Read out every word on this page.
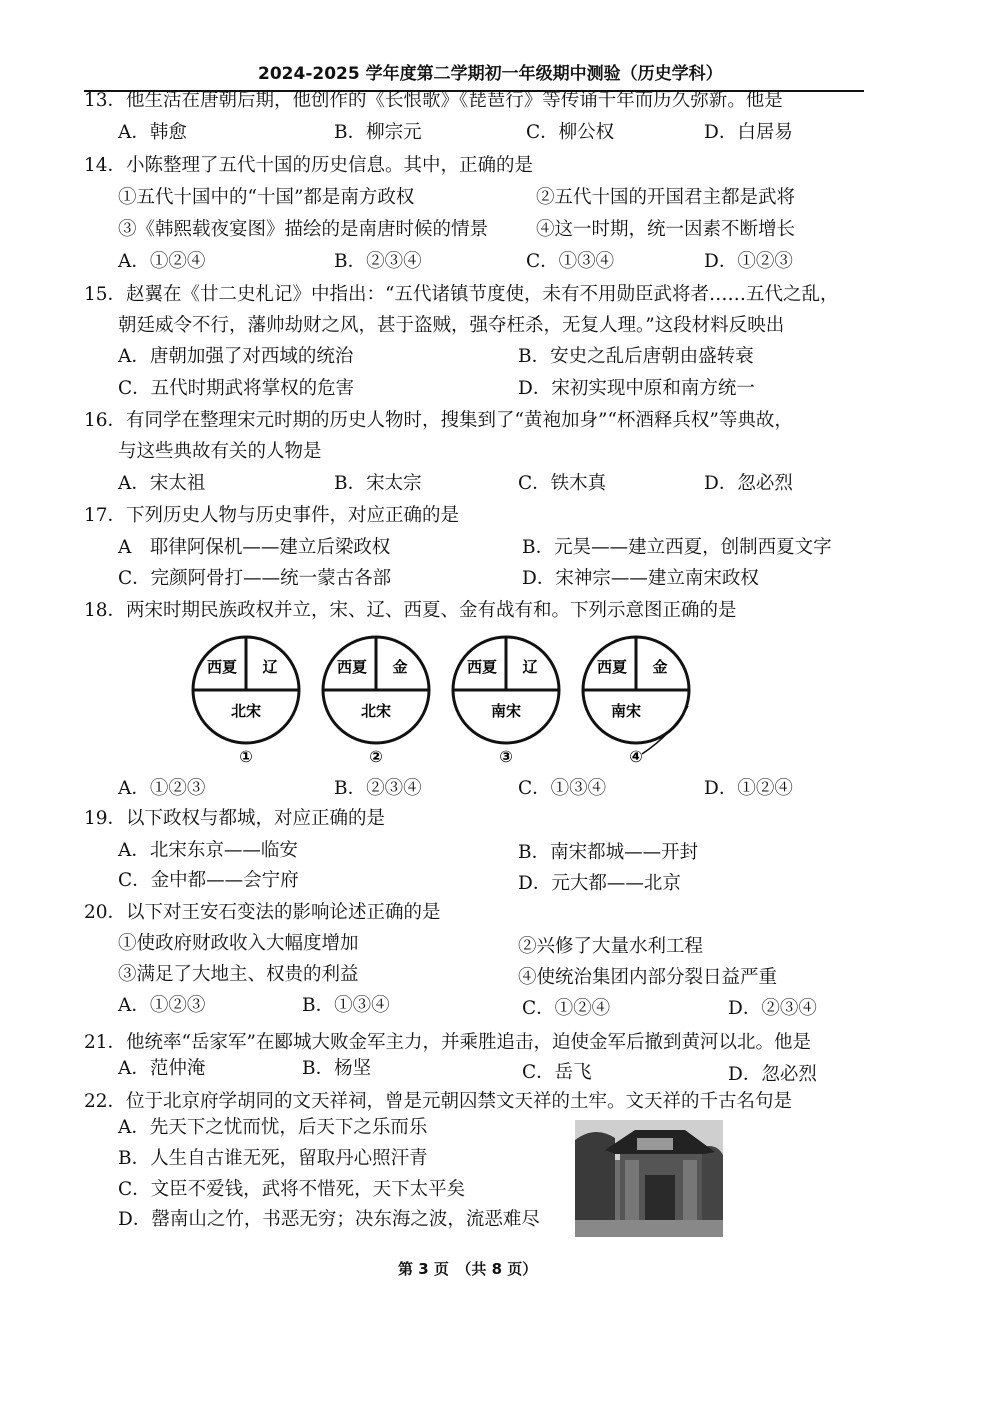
2024-2025 学年度第二学期初一年级期中测验（历史学科）
13．他生活在唐朝后期，他创作的《长恨歌》《琵琶行》等传诵千年而历久弥新。他是
A．韩愈	B．柳宗元	C．柳公权	D．白居易
14．小陈整理了五代十国的历史信息。其中，正确的是
①五代十国中的“十国”都是南方政权	②五代十国的开国君主都是武将
③《韩熙载夜宴图》描绘的是南唐时候的情景	④这一时期，统一因素不断增长
A．①②④	B．②③④	C．①③④	D．①②③
15．赵翼在《廿二史札记》中指出：“五代诸镇节度使，未有不用勋臣武将者……五代之乱，
朝廷威令不行，藩帅劫财之风，甚于盗贼，强夺枉杀，无复人理。”这段材料反映出
A．唐朝加强了对西域的统治	B．安史之乱后唐朝由盛转衰
C．五代时期武将掌权的危害	D．宋初实现中原和南方统一
16．有同学在整理宋元时期的历史人物时，搜集到了“黄袍加身”“杯酒释兵权”等典故，
与这些典故有关的人物是
A．宋太祖	B．宋太宗	C．铁木真	D．忽必烈
17．下列历史人物与历史事件，对应正确的是
A　耶律阿保机——建立后梁政权	B．元昊——建立西夏，创制西夏文字
C．完颜阿骨打——统一蒙古各部	D．宋神宗——建立南宋政权
18．两宋时期民族政权并立，宋、辽、西夏、金有战有和。下列示意图正确的是
西夏 辽
北宋
①
西夏 金
北宋
②
西夏 辽
南宋
③
西夏 金
南宋
④
A．①②③	B．②③④	C．①③④	D．①②④
19．以下政权与都城，对应正确的是
A．北宋东京——临安	B．南宋都城——开封
C．金中都——会宁府	D．元大都——北京
20．以下对王安石变法的影响论述正确的是
①使政府财政收入大幅度增加	②兴修了大量水利工程
③满足了大地主、权贵的利益	④使统治集团内部分裂日益严重
A．①②③	B．①③④	C．①②④	D．②③④
21．他统率“岳家军”在郾城大败金军主力，并乘胜追击，迫使金军后撤到黄河以北。他是
A．范仲淹	B．杨坚	C．岳飞	D．忽必烈
22．位于北京府学胡同的文天祥祠，曾是元朝囚禁文天祥的土牢。文天祥的千古名句是
A．先天下之忧而忧，后天下之乐而乐
B．人生自古谁无死，留取丹心照汗青
C．文臣不爱钱，武将不惜死，天下太平矣
D．罄南山之竹，书恶无穷；决东海之波，流恶难尽
第 3 页　（共 8 页）
